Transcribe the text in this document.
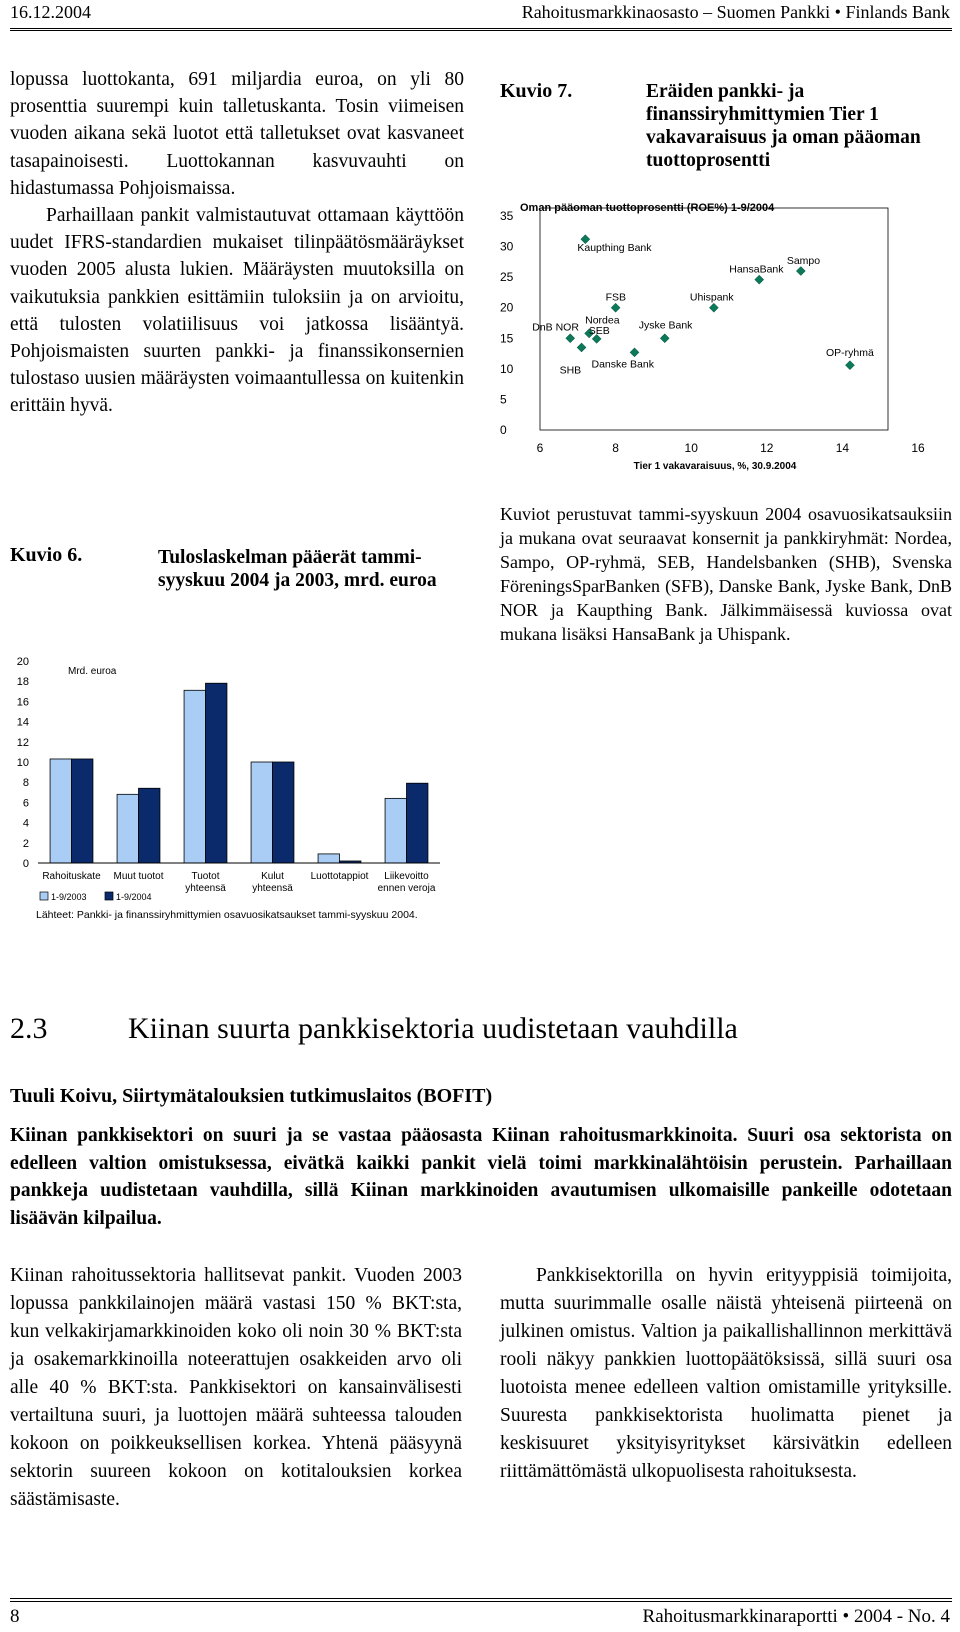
16.12.2004	Rahoitusmarkkinaosasto – Suomen Pankki • Finlands Bank

lopussa luottokanta, 691 miljardia euroa, on yli 80 prosenttia suurempi kuin talletuskanta. Tosin viimeisen vuoden aikana sekä luotot että talletukset ovat kasvaneet tasapainoisesti. Luottokannan kasvuvauhti on hidastumassa Pohjoismaissa.

Parhaillaan pankit valmistautuvat ottamaan käyttöön uudet IFRS-standardien mukaiset tilinpäätösmääräykset vuoden 2005 alusta lukien. Määräysten muutoksilla on vaikutuksia pankkien esittämiin tuloksiin ja on arvioitu, että tulosten volatiilisuus voi jatkossa lisääntyä. Pohjoismaisten suurten pankki- ja finanssikonsernien tulostaso uusien määräysten voimaantullessa on kuitenkin erittäin hyvä.

Kuvio 6.	Tuloslaskelman pääerät tammi-syyskuu 2004 ja 2003, mrd. euroa
0
2
4
6
8
10
12
14
16
18
20
Mrd. euroa
Rahoituskate Muut tuotot	Tuotot
yhteensä
Kulut
yhteensä
Luottotappiot Liikevoitto
ennen veroja
1-9/2003	1-9/2004
Lähteet: Pankki- ja finanssiryhmittymien osavuosikatsaukset tammi-syyskuu 2004.
Kuvio 7.	Eräiden pankki- ja finanssiryhmittymien Tier 1 vakavaraisuus ja oman pääoman tuottoprosentti
Oman pääoman tuottoprosentti (ROE%) 1-9/2004
0
5
10
15
20
25
30
35
6	8	10	12	14	16
Tier 1 vakavaraisuus, %, 30.9.2004
Kaupthing Bank
FSB	Uhispank
HansaBank
Sampo
DnB NOR
Nordea
SEB	Jyske Bank
SHB
Danske Bank
OP-ryhmä
Kuviot perustuvat tammi-syyskuun 2004 osavuosikatsauksiin ja mukana ovat seuraavat konsernit ja pankkiryhmät: Nordea, Sampo, OP-ryhmä, SEB, Handelsbanken (SHB), Svenska FöreningsSparBanken (SFB), Danske Bank, Jyske Bank, DnB NOR ja Kaupthing Bank. Jälkimmäisessä kuviossa ovat mukana lisäksi HansaBank ja Uhispank.
2.3	Kiinan suurta pankkisektoria uudistetaan vauhdilla
Tuuli Koivu, Siirtymätalouksien tutkimuslaitos (BOFIT)
Kiinan pankkisektori on suuri ja se vastaa pääosasta Kiinan rahoitusmarkkinoita. Suuri osa sektorista on edelleen valtion omistuksessa, eivätkä kaikki pankit vielä toimi markkinalähtöisin perustein. Parhaillaan pankkeja uudistetaan vauhdilla, sillä Kiinan markkinoiden avautumisen ulkomaisille pankeille odotetaan lisäävän kilpailua.

Kiinan rahoitussektoria hallitsevat pankit. Vuoden 2003 lopussa pankkilainojen määrä vastasi 150 % BKT:sta, kun velkakirjamarkkinoiden koko oli noin 30 % BKT:sta ja osakemarkkinoilla noteerattujen osakkeiden arvo oli alle 40 % BKT:sta. Pankkisektori on kansainvälisesti vertailtuna suuri, ja luottojen määrä suhteessa talouden kokoon on poikkeuksellisen korkea. Yhtenä pääsyynä sektorin suureen kokoon on kotitalouksien korkea säästämisaste.

Pankkisektorilla on hyvin erityyppisiä toimijoita, mutta suurimmalle osalle näistä yhteisenä piirteenä on julkinen omistus. Valtion ja paikallishallinnon merkittävä rooli näkyy pankkien luottopäätöksissä, sillä suuri osa luotoista menee edelleen valtion omistamille yrityksille. Suuresta pankkisektorista huolimatta pienet ja keskisuuret yksityisyritykset kärsivätkin edelleen riittämättömästä ulkopuolisesta rahoituksesta.

8	Rahoitusmarkkinaraportti • 2004 - No. 4
